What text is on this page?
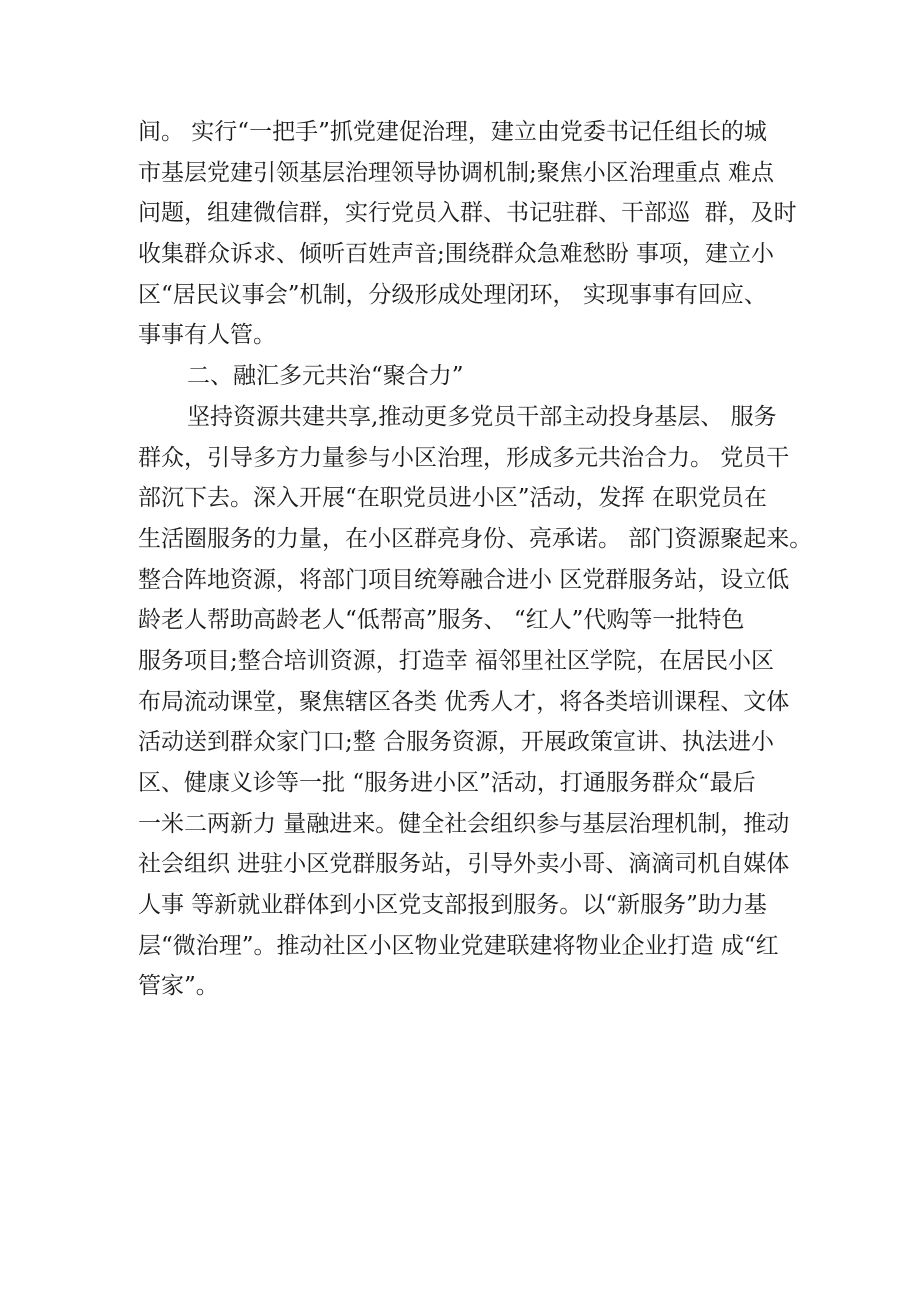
间。 实行“一把手”抓党建促治理，建立由党委书记任组长的城
市基层党建引领基层治理领导协调机制;聚焦小区治理重点 难点
问题，组建微信群，实行党员入群、书记驻群、干部巡  群，及时
收集群众诉求、倾听百姓声音;围绕群众急难愁盼 事项，建立小
区“居民议事会”机制，分级形成处理闭环， 实现事事有回应、
事事有人管。
二、融汇多元共治“聚合力”
坚持资源共建共享,推动更多党员干部主动投身基层、 服务
群众，引导多方力量参与小区治理，形成多元共治合力。 党员干
部沉下去。深入开展“在职党员进小区”活动，发挥 在职党员在
生活圈服务的力量，在小区群亮身份、亮承诺。 部门资源聚起来。
整合阵地资源，将部门项目统筹融合进小 区党群服务站，设立低
龄老人帮助高龄老人“低帮高”服务、 “红人”代购等一批特色
服务项目;整合培训资源，打造幸 福邻里社区学院，在居民小区
布局流动课堂，聚焦辖区各类 优秀人才，将各类培训课程、文体
活动送到群众家门口;整 合服务资源，开展政策宣讲、执法进小
区、健康义诊等一批 “服务进小区”活动，打通服务群众“最后
一米二两新力 量融进来。健全社会组织参与基层治理机制，推动
社会组织 进驻小区党群服务站，引导外卖小哥、滴滴司机自媒体
人事 等新就业群体到小区党支部报到服务。以“新服务”助力基
层“微治理”。推动社区小区物业党建联建将物业企业打造 成“红
管家”。
